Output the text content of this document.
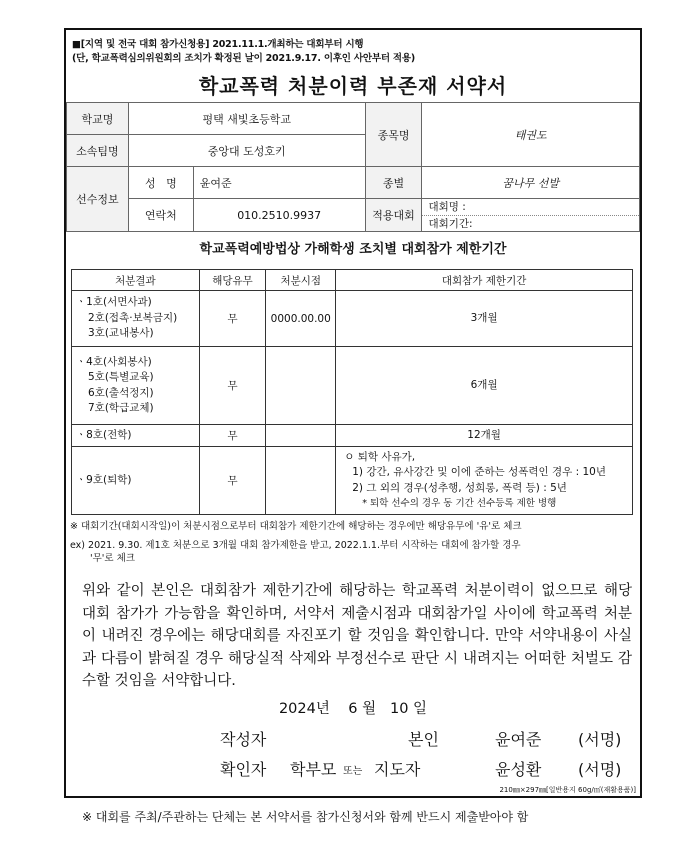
■[지역 및 전국 대회 참가신청용] 2021.11.1.개최하는 대회부터 시행
(단, 학교폭력심의위원회의 조치가 확정된 날이 2021.9.17. 이후인 사안부터 적용)
학교폭력 처분이력 부존재 서약서
학교명	평택 새빛초등학교	종목명	태권도
소속팀명	중앙대 도성호키
선수정보	성   명	윤여준	종별	꿈나무 선발
연락처	010.2510.9937	적용대회	
대회명 :
대회기간:
학교폭력예방법상 가해학생 조치별 대회참가 제한기간
처분결과	해당유무	처분시점	대회참가 제한기간

ㆍ1호(서면사과)
2호(접촉·보복금지)
3호(교내봉사)	무	0000.00.00	3개월

ㆍ4호(사회봉사)
5호(특별교육)
6호(출석정지)
7호(학급교체)	무		6개월

ㆍ8호(전학)	무		12개월

ㆍ9호(퇴학)	무		ㅇ 퇴학 사유가,
1) 강간, 유사강간 및 이에 준하는 성폭력인 경우 : 10년
2) 그 외의 경우(성추행, 성희롱, 폭력 등) : 5년
* 퇴학 선수의 경우 동 기간 선수등록 제한 병행
※ 대회기간(대회시작일)이 처분시점으로부터 대회참가 제한기간에 해당하는 경우에만 해당유무에 '유'로 체크
ex) 2021. 9.30. 제1호 처분으로 3개월 대회 참가제한을 받고, 2022.1.1.부터 시작하는 대회에 참가할 경우
'무'로 체크
위와 같이 본인은 대회참가 제한기간에 해당하는 학교폭력 처분이력이 없으므로 해당 대회 참가가 가능함을 확인하며, 서약서 제출시점과 대회참가일 사이에 학교폭력 처분이 내려진 경우에는 해당대회를 자진포기 할 것임을 확인합니다. 만약 서약내용이 사실과 다름이 밝혀질 경우 해당실적 삭제와 부정선수로 판단 시 내려지는 어떠한 처벌도 감수할 것임을 서약합니다.
2024년 6 월 10 일
작성자	본인	윤여준 (서명)
확인자 학부모 또는 지도자	윤성환 (서명)
210㎜×297㎜[일반용지 60g/㎡(재활용품)]
※ 대회를 주최/주관하는 단체는 본 서약서를 참가신청서와 함께 반드시 제출받아야 함
